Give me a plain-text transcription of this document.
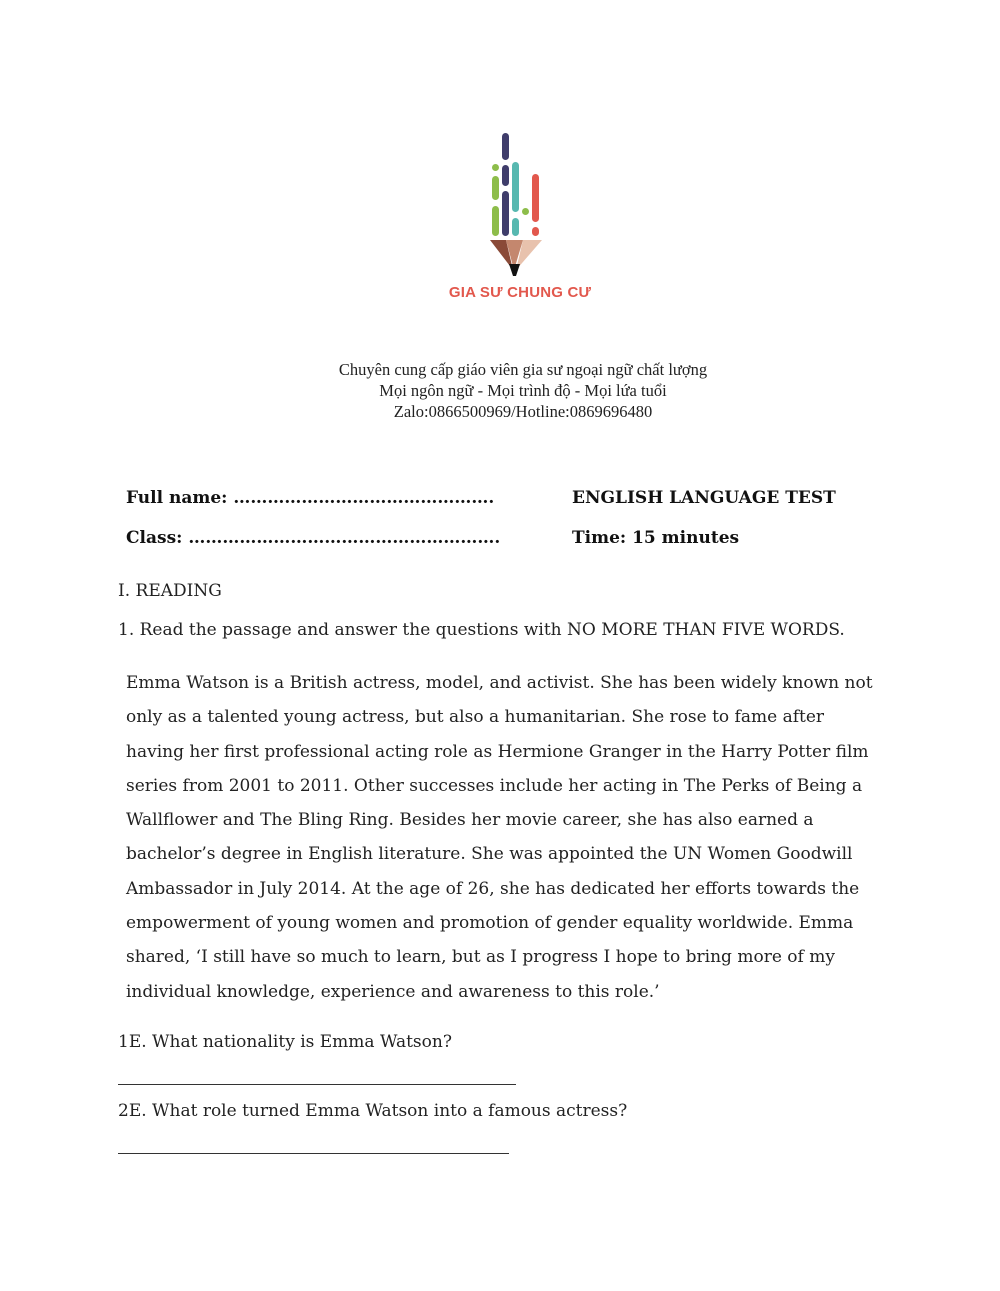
GIA SƯ CHUNG CƯ
Chuyên cung cấp giáo viên gia sư ngoại ngữ chất lượng
Mọi ngôn ngữ - Mọi trình độ - Mọi lứa tuổi
Zalo:0866500969/Hotline:0869696480
Full name: ……………………………………….
Class: ……………………………………………….
ENGLISH LANGUAGE TEST
Time: 15 minutes
I. READING
1. Read the passage and answer the questions with NO MORE THAN FIVE WORDS.
Emma Watson is a British actress, model, and activist. She has been widely known not only as a talented young actress, but also a humanitarian. She rose to fame after having her first professional acting role as Hermione Granger in the Harry Potter film series from 2001 to 2011. Other successes include her acting in The Perks of Being a Wallflower and The Bling Ring. Besides her movie career, she has also earned a bachelor’s degree in English literature. She was appointed the UN Women Goodwill Ambassador in July 2014. At the age of 26, she has dedicated her efforts towards the empowerment of young women and promotion of gender equality worldwide. Emma shared, ‘I still have so much to learn, but as I progress I hope to bring more of my individual knowledge, experience and awareness to this role.’
1E. What nationality is Emma Watson?
2E. What role turned Emma Watson into a famous actress?
